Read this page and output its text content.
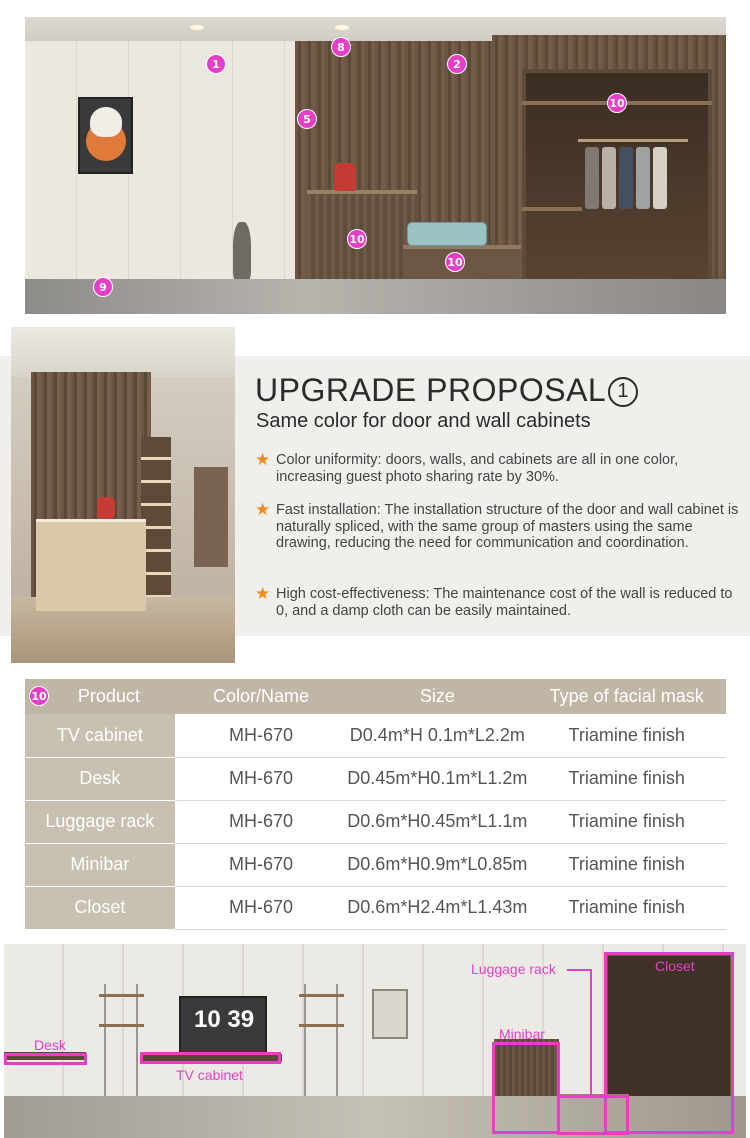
1	2
5
8
9
10
10
10
UPGRADE PROPOSAL 1
Same color for door and wall cabinets
★ Color uniformity: doors, walls, and cabinets are all in one color, increasing guest photo sharing rate by 30%.
★ Fast installation: The installation structure of the door and wall cabinet is naturally spliced, with the same group of masters using the same drawing, reducing the need for communication and coordination.
★ High cost-effectiveness: The maintenance cost of the wall is reduced to 0, and a damp cloth can be easily maintained.
10 Product	Color/Name	Size	Type of facial mask
TV cabinet	MH-670	D0.4m*H 0.1m*L2.2m	Triamine finish
Desk	MH-670	D0.45m*H0.1m*L1.2m	Triamine finish
Luggage rack	MH-670	D0.6m*H0.45m*L1.1m	Triamine finish
Minibar	MH-670	D0.6m*H0.9m*L0.85m	Triamine finish
Closet	MH-670	D0.6m*H2.4m*L1.43m	Triamine finish
10 39
Desk
TV cabinet
Luggage rack
Minibar
Closet
